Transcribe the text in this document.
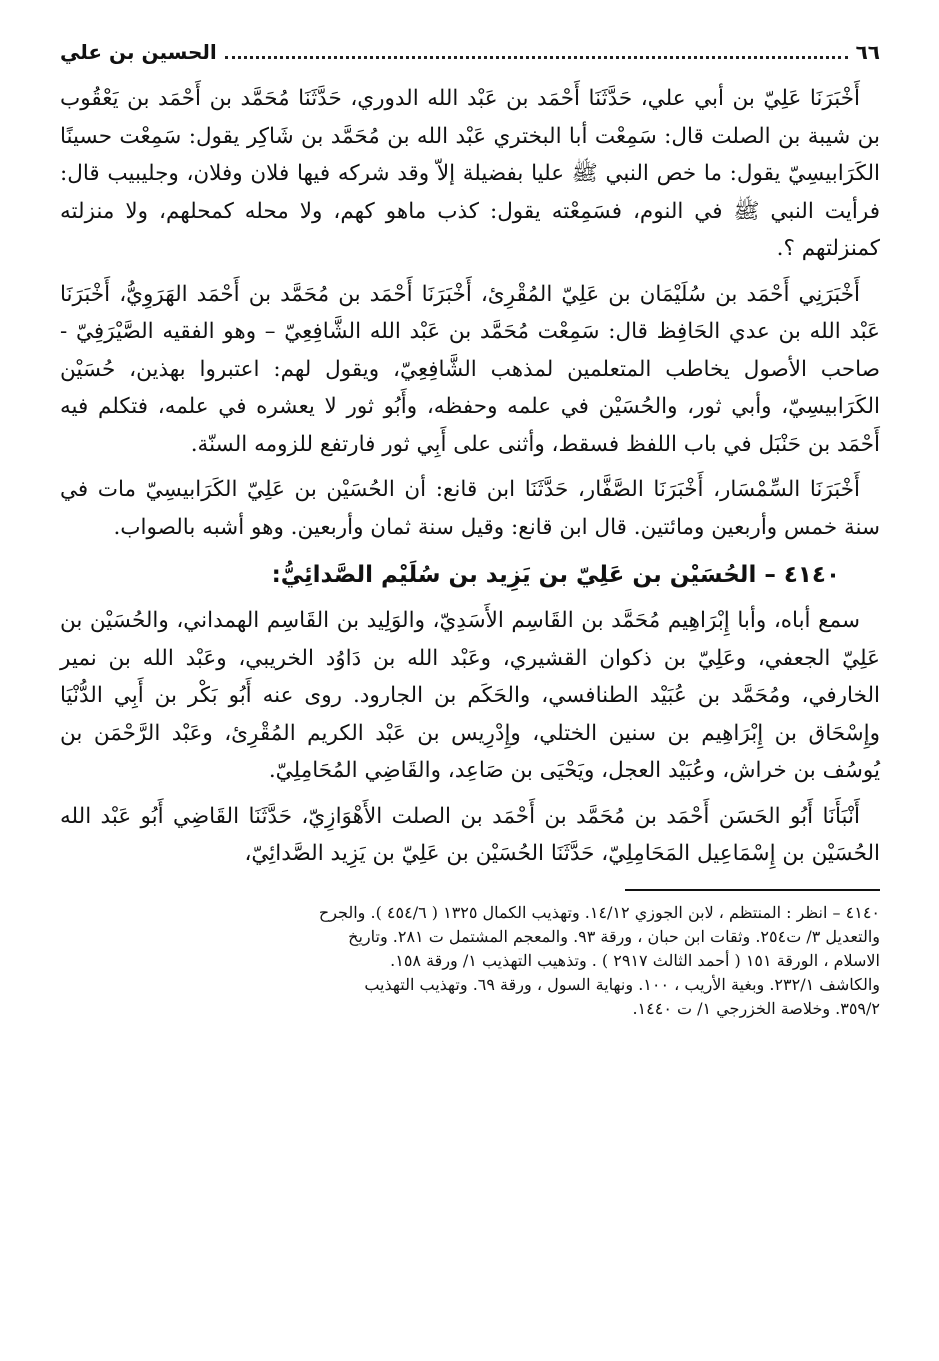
٦٦
الحسين بن علي

أَخْبَرَنَا عَلِيّ بن أبي علي، حَدَّثَنَا أَحْمَد بن عَبْد الله الدوري، حَدَّثَنَا مُحَمَّد بن أَحْمَد بن يَعْقُوب بن شيبة بن الصلت قال: سَمِعْت أبا البختري عَبْد الله بن مُحَمَّد بن شَاكِر يقول: سَمِعْت حسينًا الكَرَابيسِيّ يقول: ما خص النبي ﷺ عليا بفضيلة إلاّ وقد شركه فيها فلان وفلان، وجليبيب قال: فرأيت النبي ﷺ في النوم، فسَمِعْته يقول: كذب ماهو كهم، ولا محله كمحلهم، ولا منزلته كمنزلتهم ؟.

أَخْبَرَنِي أَحْمَد بن سُلَيْمَان بن عَلِيّ المُقْرِئ، أَخْبَرَنَا أَحْمَد بن مُحَمَّد بن أَحْمَد الهَرَوِيُّ، أَخْبَرَنَا عَبْد الله بن عدي الحَافِظ قال: سَمِعْت مُحَمَّد بن عَبْد الله الشَّافِعِيّ – وهو الفقيه الصَّيْرَفِيّ - صاحب الأصول يخاطب المتعلمين لمذهب الشَّافِعِيّ، ويقول لهم: اعتبروا بهذين، حُسَيْن الكَرَابيسِيّ، وأبي ثور، والحُسَيْن في علمه وحفظه، وأَبُو ثور لا يعشره في علمه، فتكلم فيه أَحْمَد بن حَنْبَل في باب اللفظ فسقط، وأثنى على أَبِي ثور فارتفع للزومه السنّة.

أَخْبَرَنَا السِّمْسَار، أَخْبَرَنَا الصَّفَّار، حَدَّثَنَا ابن قانع: أن الحُسَيْن بن عَلِيّ الكَرَابيسِيّ مات في سنة خمس وأربعين ومائتين. قال ابن قانع: وقيل سنة ثمان وأربعين. وهو أشبه بالصواب.

٤١٤٠ – الحُسَيْن بن عَلِيّ بن يَزِيد بن سُلَيْم الصَّدائِيُّ:

سمع أباه، وأبا إِبْرَاهِيم مُحَمَّد بن القَاسِم الأَسَدِيّ، والوَلِيد بن القَاسِم الهمداني، والحُسَيْن بن عَلِيّ الجعفي، وعَلِيّ بن ذكوان القشيري، وعَبْد الله بن دَاوُد الخريبي، وعَبْد الله بن نمير الخارفي، ومُحَمَّد بن عُبَيْد الطنافسي، والحَكَم بن الجارود. روى عنه أَبُو بَكْر بن أَبِي الدُّنْيَا وإِسْحَاق بن إِبْرَاهِيم بن سنين الختلي، وإِدْرِيس بن عَبْد الكريم المُقْرِئ، وعَبْد الرَّحْمَن بن يُوسُف بن خراش، وعُبَيْد العجل، ويَحْيَى بن صَاعِد، والقَاضِي المُحَامِلِيّ.

أَنْبَأَنَا أَبُو الحَسَن أَحْمَد بن مُحَمَّد بن أَحْمَد بن الصلت الأَهْوَازِيّ، حَدَّثَنَا القَاضِي أَبُو عَبْد الله الحُسَيْن بن إِسْمَاعِيل المَحَامِلِيّ، حَدَّثَنَا الحُسَيْن بن عَلِيّ بن يَزِيد الصَّدائِيّ،

٤١٤٠ – انظر : المنتظم ، لابن الجوزي ١٤/١٢. وتهذيب الكمال ١٣٢٥ ( ٤٥٤/٦ ). والجرح

والتعديل ٣/ ت٢٥٤. وثقات ابن حبان ، ورقة ٩٣. والمعجم المشتمل ت ٢٨١. وتاريخ

الاسلام ، الورقة ١٥١ ( أحمد الثالث ٢٩١٧ ) . وتذهيب التهذيب ١/ ورقة ١٥٨.

والكاشف ٢٣٢/١. وبغية الأريب ، ١٠٠. ونهاية السول ، ورقة ٦٩. وتهذيب التهذيب

٣٥٩/٢. وخلاصة الخزرجي ١/ ت ١٤٤٠.
